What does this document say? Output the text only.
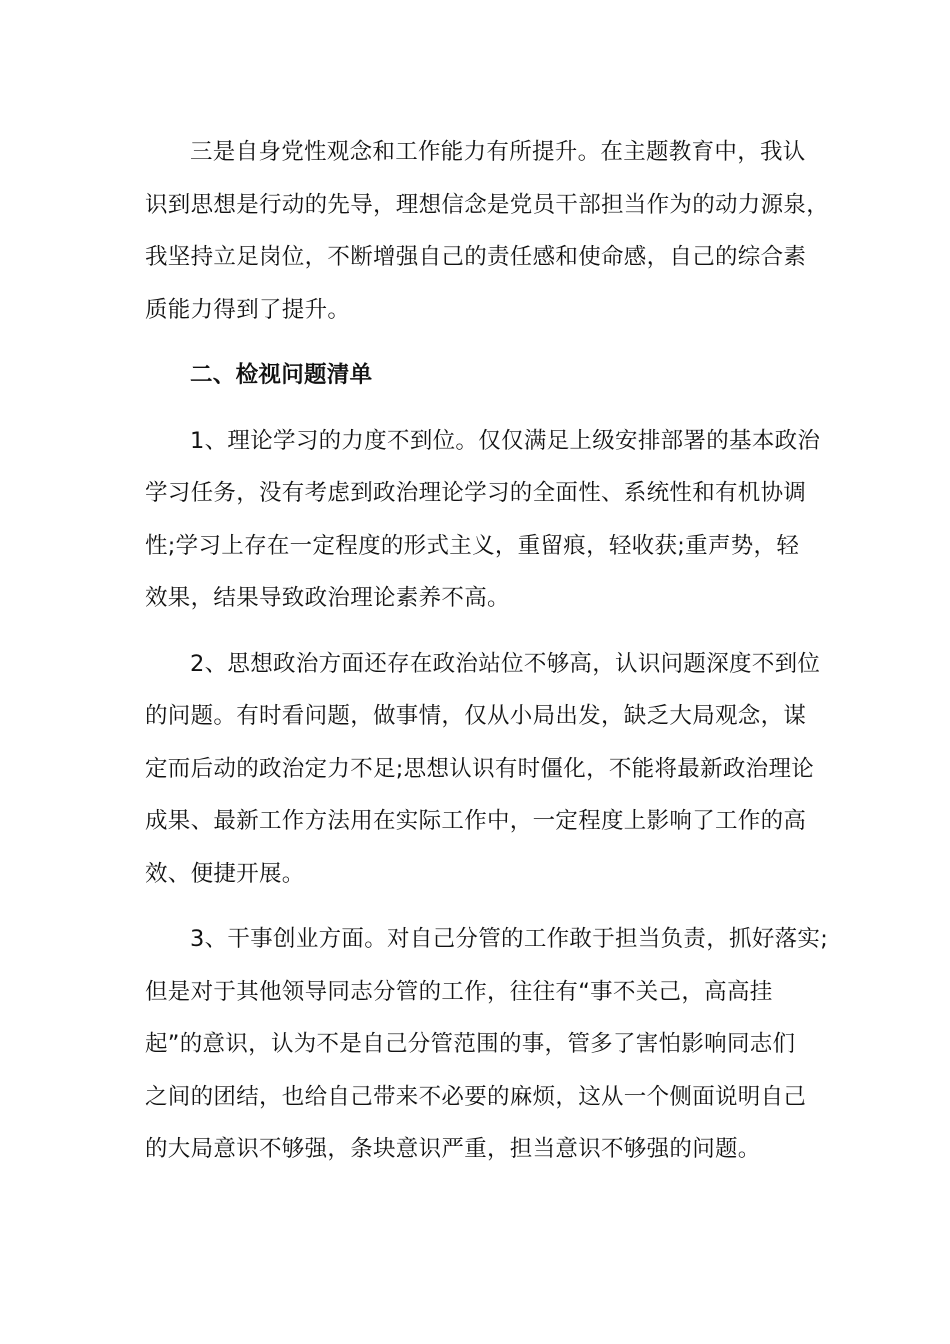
三是自身党性观念和工作能力有所提升。在主题教育中，我认
识到思想是行动的先导，理想信念是党员干部担当作为的动力源泉，
我坚持立足岗位，不断增强自己的责任感和使命感，自己的综合素
质能力得到了提升。
二、检视问题清单
1、理论学习的力度不到位。仅仅满足上级安排部署的基本政治
学习任务，没有考虑到政治理论学习的全面性、系统性和有机协调
性;学习上存在一定程度的形式主义，重留痕，轻收获;重声势，轻
效果，结果导致政治理论素养不高。
2、思想政治方面还存在政治站位不够高，认识问题深度不到位
的问题。有时看问题，做事情，仅从小局出发，缺乏大局观念，谋
定而后动的政治定力不足;思想认识有时僵化，不能将最新政治理论
成果、最新工作方法用在实际工作中，一定程度上影响了工作的高
效、便捷开展。
3、干事创业方面。对自己分管的工作敢于担当负责，抓好落实;
但是对于其他领导同志分管的工作，往往有“事不关己，高高挂
起”的意识，认为不是自己分管范围的事，管多了害怕影响同志们
之间的团结，也给自己带来不必要的麻烦，这从一个侧面说明自己
的大局意识不够强，条块意识严重，担当意识不够强的问题。
